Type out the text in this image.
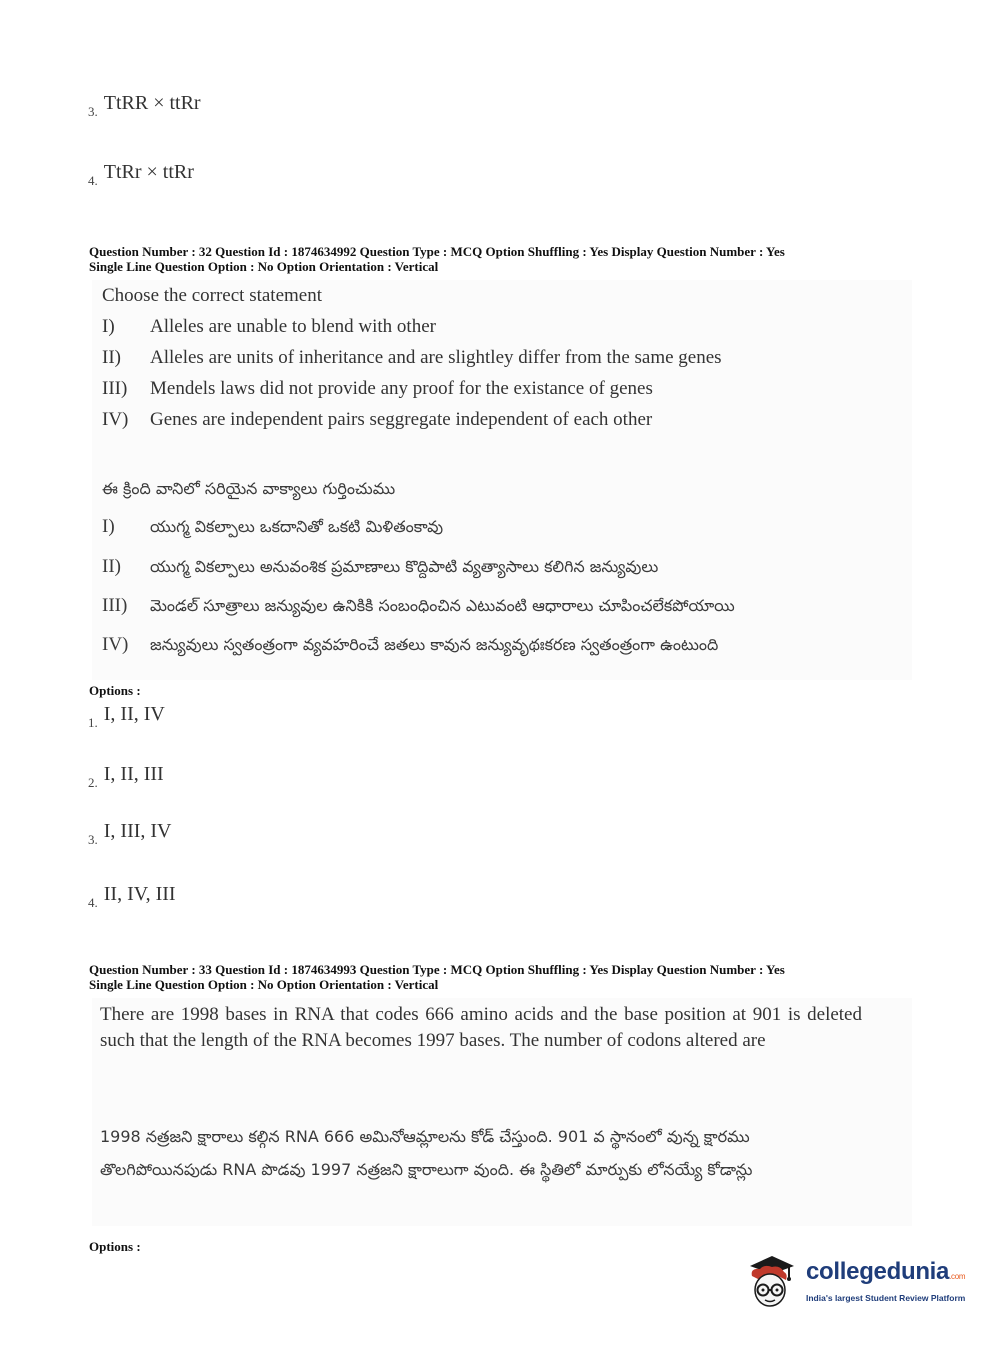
3. TtRR × ttRr
4. TtRr × ttRr
Question Number : 32 Question Id : 1874634992 Question Type : MCQ Option Shuffling : Yes Display Question Number : Yes
Single Line Question Option : No Option Orientation : Vertical
Choose the correct statement
I) Alleles are unable to blend with other
II) Alleles are units of inheritance and are slightley differ from the same genes
III) Mendels laws did not provide any proof for the existance of genes
IV) Genes are independent pairs seggregate independent of each other
ఈ క్రింది వానిలో సరియైన వాక్యాలు గుర్తించుము
I) యుగ్మ వికల్పాలు ఒకదానితో ఒకటి మిళితంకావు
II) యుగ్మ వికల్పాలు అనువంశిక ప్రమాణాలు కొద్దిపాటి వ్యత్యాసాలు కలిగిన జన్యువులు
III) మెండల్ సూత్రాలు జన్యువుల ఉనికికి సంబంధించిన ఎటువంటి ఆధారాలు చూపించలేకపోయాయి
IV) జన్యువులు స్వతంత్రంగా వ్యవహరించే జతలు కావున జన్యువృథఃకరణ స్వతంత్రంగా ఉంటుంది
Options :
1. I, II, IV
2. I, II, III
3. I, III, IV
4. II, IV, III
Question Number : 33 Question Id : 1874634993 Question Type : MCQ Option Shuffling : Yes Display Question Number : Yes
Single Line Question Option : No Option Orientation : Vertical
There are 1998 bases in RNA that codes 666 amino acids and the base position at 901 is deleted such that the length of the RNA becomes 1997 bases. The number of codons altered are
1998 నత్రజని క్షారాలు కల్గిన RNA 666 అమినోఆమ్లాలను కోడ్ చేస్తుంది. 901 వ స్థానంలో వున్న క్షారము తొలగిపోయినపుడు RNA పొడవు 1997 నత్రజని క్షారాలుగా వుంది. ఈ స్థితిలో మార్పుకు లోనయ్యే కోడాన్లు
Options :
collegedunia.com
India's largest Student Review Platform
